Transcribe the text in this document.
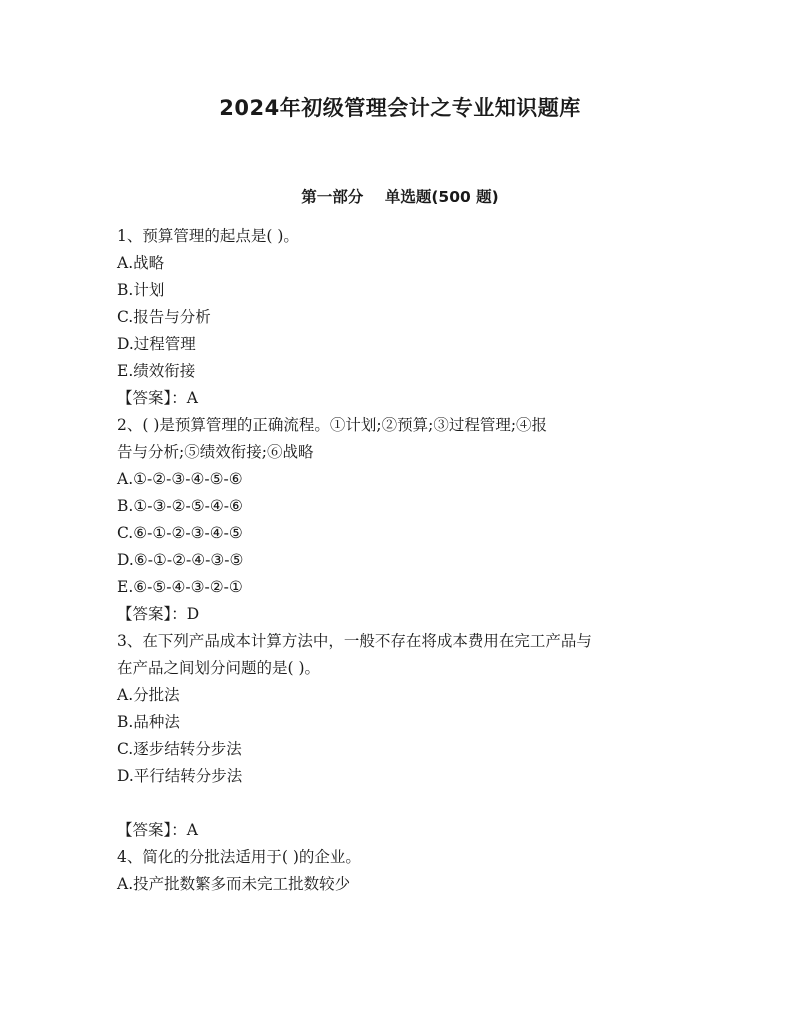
2024年初级管理会计之专业知识题库
第一部分    单选题(500 题)
1、预算管理的起点是( )。
A.战略
B.计划
C.报告与分析
D.过程管理
E.绩效衔接
【答案】：A
2、( )是预算管理的正确流程。①计划;②预算;③过程管理;④报
告与分析;⑤绩效衔接;⑥战略
A.①-②-③-④-⑤-⑥
B.①-③-②-⑤-④-⑥
C.⑥-①-②-③-④-⑤
D.⑥-①-②-④-③-⑤
E.⑥-⑤-④-③-②-①
【答案】：D
3、在下列产品成本计算方法中，一般不存在将成本费用在完工产品与
在产品之间划分问题的是( )。
A.分批法
B.品种法
C.逐步结转分步法
D.平行结转分步法
【答案】：A
4、简化的分批法适用于( )的企业。
A.投产批数繁多而未完工批数较少
